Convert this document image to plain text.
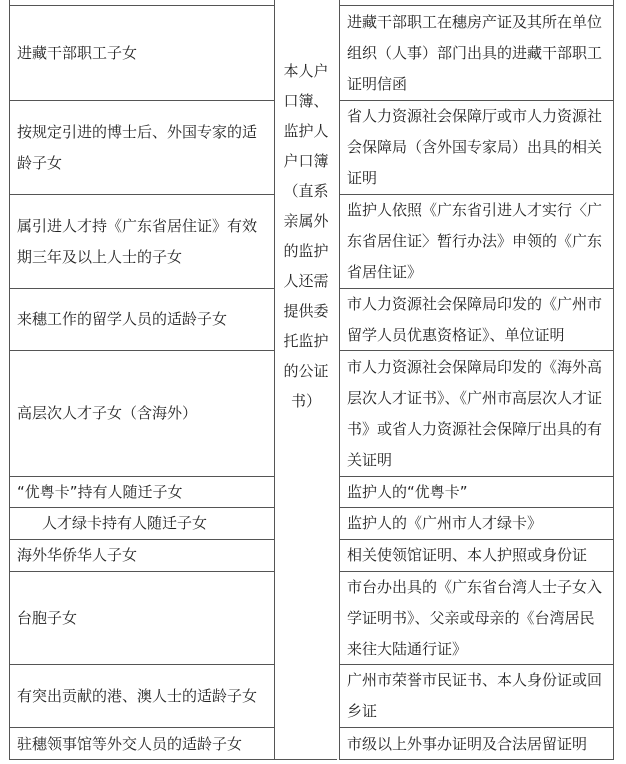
进藏干部职工子女
按规定引进的博士后、外国专家的适龄子女
属引进人才持《广东省居住证》有效期三年及以上人士的子女
来穗工作的留学人员的适龄子女
高层次人才子女（含海外）
“优粤卡”持有人随迁子女
人才绿卡持有人随迁子女
海外华侨华人子女
台胞子女
有突出贡献的港、澳人士的适龄子女
驻穗领事馆等外交人员的适龄子女
本人户口簿、监护人户口簿（直系亲属外的监护人还需提供委托监护的公证书）
进藏干部职工在穗房产证及其所在单位组织（人事）部门出具的进藏干部职工证明信函
省人力资源社会保障厅或市人力资源社会保障局（含外国专家局）出具的相关证明
监护人依照《广东省引进人才实行〈广东省居住证〉暂行办法》申领的《广东省居住证》
市人力资源社会保障局印发的《广州市留学人员优惠资格证》、单位证明
市人力资源社会保障局印发的《海外高层次人才证书》、《广州市高层次人才证书》或省人力资源社会保障厅出具的有关证明
监护人的“优粤卡”
监护人的《广州市人才绿卡》
相关使领馆证明、本人护照或身份证
市台办出具的《广东省台湾人士子女入学证明书》、父亲或母亲的《台湾居民来往大陆通行证》
广州市荣誉市民证书、本人身份证或回乡证
市级以上外事办证明及合法居留证明
